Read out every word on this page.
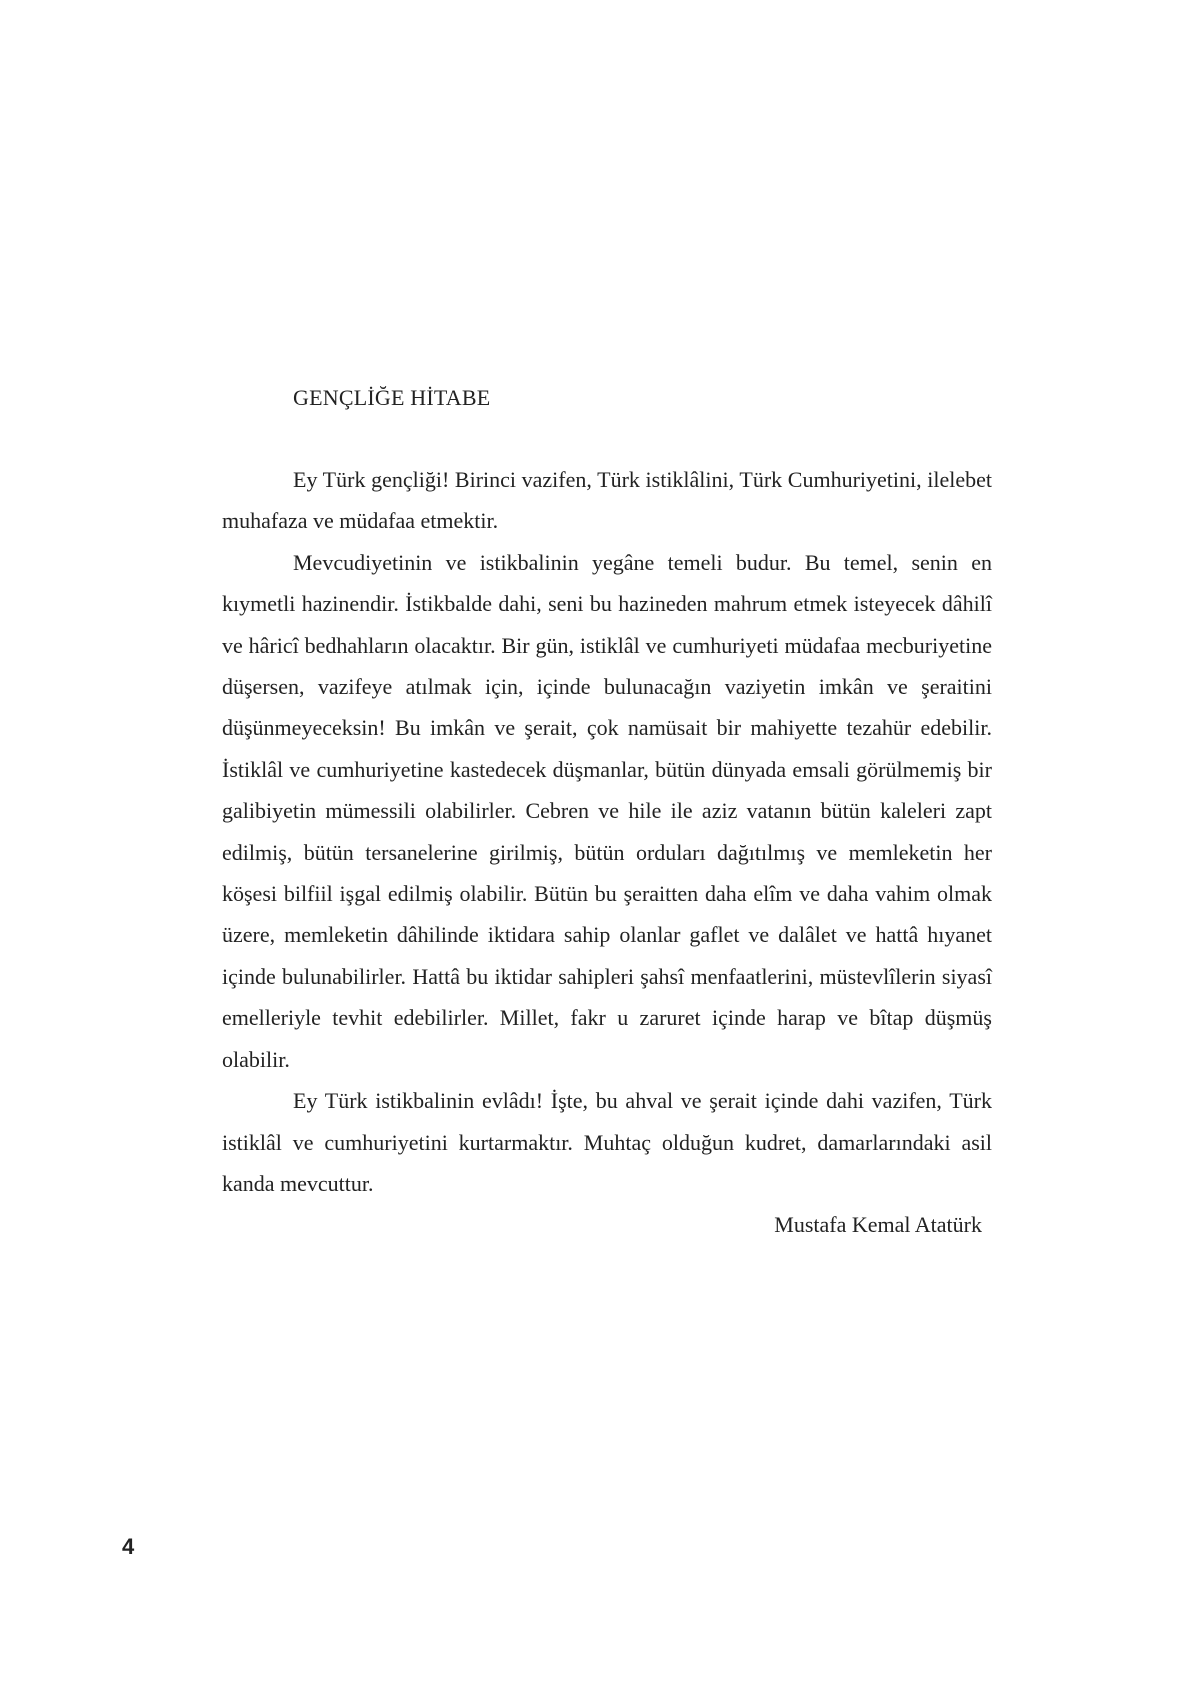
GENÇLİĞE HİTABE

Ey Türk gençliği! Birinci vazifen, Türk istiklâlini, Türk Cumhuriyetini, ilelebet muhafaza ve müdafaa etmektir.

Mevcudiyetinin ve istikbalinin yegâne temeli budur. Bu temel, senin en kıymetli hazinendir. İstikbalde dahi, seni bu hazineden mahrum etmek isteyecek dâhilî ve hâricî bedhahların olacaktır. Bir gün, istiklâl ve cumhuriyeti müdafaa mecburiyetine düşersen, vazifeye atılmak için, içinde bulunacağın vaziyetin imkân ve şeraitini düşünmeyeceksin! Bu imkân ve şerait, çok namüsait bir mahiyette tezahür edebilir. İstiklâl ve cumhuriyetine kastedecek düşmanlar, bütün dünyada emsali görülmemiş bir galibiyetin mümessili olabilirler. Cebren ve hile ile aziz vatanın bütün kaleleri zapt edilmiş, bütün tersanelerine girilmiş, bütün orduları dağıtılmış ve memleketin her köşesi bilfiil işgal edilmiş olabilir. Bütün bu şeraitten daha elîm ve daha vahim olmak üzere, memleketin dâhilinde iktidara sahip olanlar gaflet ve dalâlet ve hattâ hıyanet içinde bulunabilirler. Hattâ bu iktidar sahipleri şahsî menfaatlerini, müstevlîlerin siyasî emelleriyle tevhit edebilirler. Millet, fakr u zaruret içinde harap ve bîtap düşmüş olabilir.

Ey Türk istikbalinin evlâdı! İşte, bu ahval ve şerait içinde dahi vazifen, Türk istiklâl ve cumhuriyetini kurtarmaktır. Muhtaç olduğun kudret, damarlarındaki asil kanda mevcuttur.

Mustafa Kemal Atatürk

4
